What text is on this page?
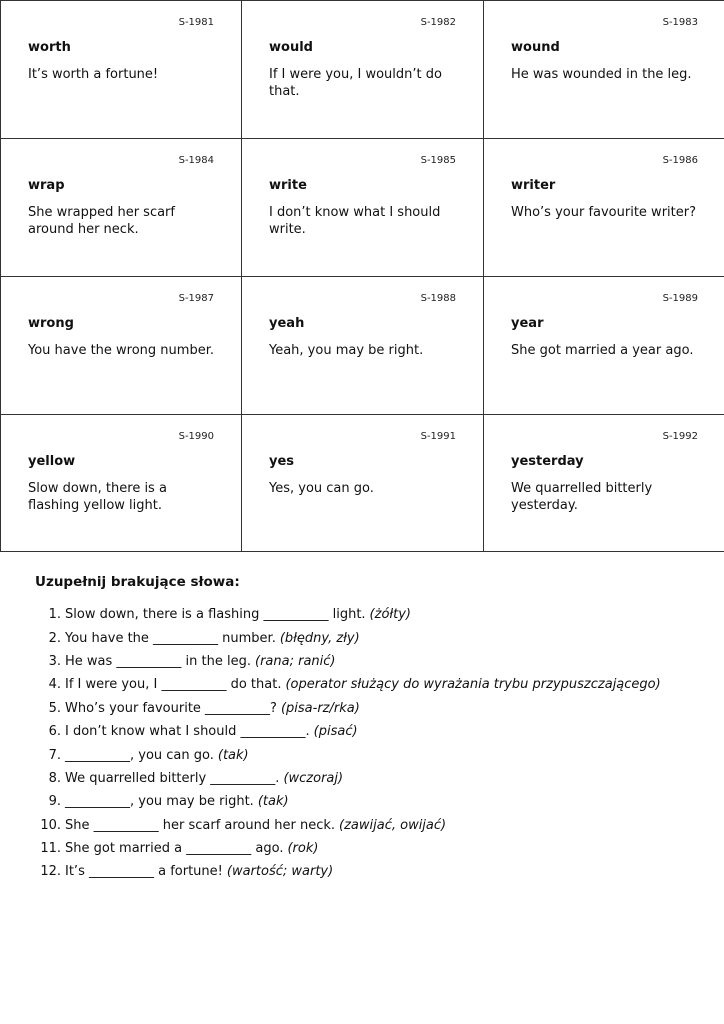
S-1981
worth
It’s worth a fortune!
S-1982
would
If I were you, I wouldn’t do that.
S-1983
wound
He was wounded in the leg.
S-1984
wrap
She wrapped her scarf around her neck.
S-1985
write
I don’t know what I should write.
S-1986
writer
Who’s your favourite writer?
S-1987
wrong
You have the wrong number.
S-1988
yeah
Yeah, you may be right.
S-1989
year
She got married a year ago.
S-1990
yellow
Slow down, there is a flashing yellow light.
S-1991
yes
Yes, you can go.
S-1992
yesterday
We quarrelled bitterly yesterday.
Uzupełnij brakujące słowa:
1. Slow down, there is a flashing __________ light. (żółty)
2. You have the __________ number. (błędny, zły)
3. He was __________ in the leg. (rana; ranić)
4. If I were you, I __________ do that. (operator służący do wyrażania trybu przypuszczającego)
5. Who’s your favourite __________? (pisa-rz/rka)
6. I don’t know what I should __________. (pisać)
7. __________, you can go. (tak)
8. We quarrelled bitterly __________. (wczoraj)
9. __________, you may be right. (tak)
10. She __________ her scarf around her neck. (zawijać, owijać)
11. She got married a __________ ago. (rok)
12. It’s __________ a fortune! (wartość; warty)
